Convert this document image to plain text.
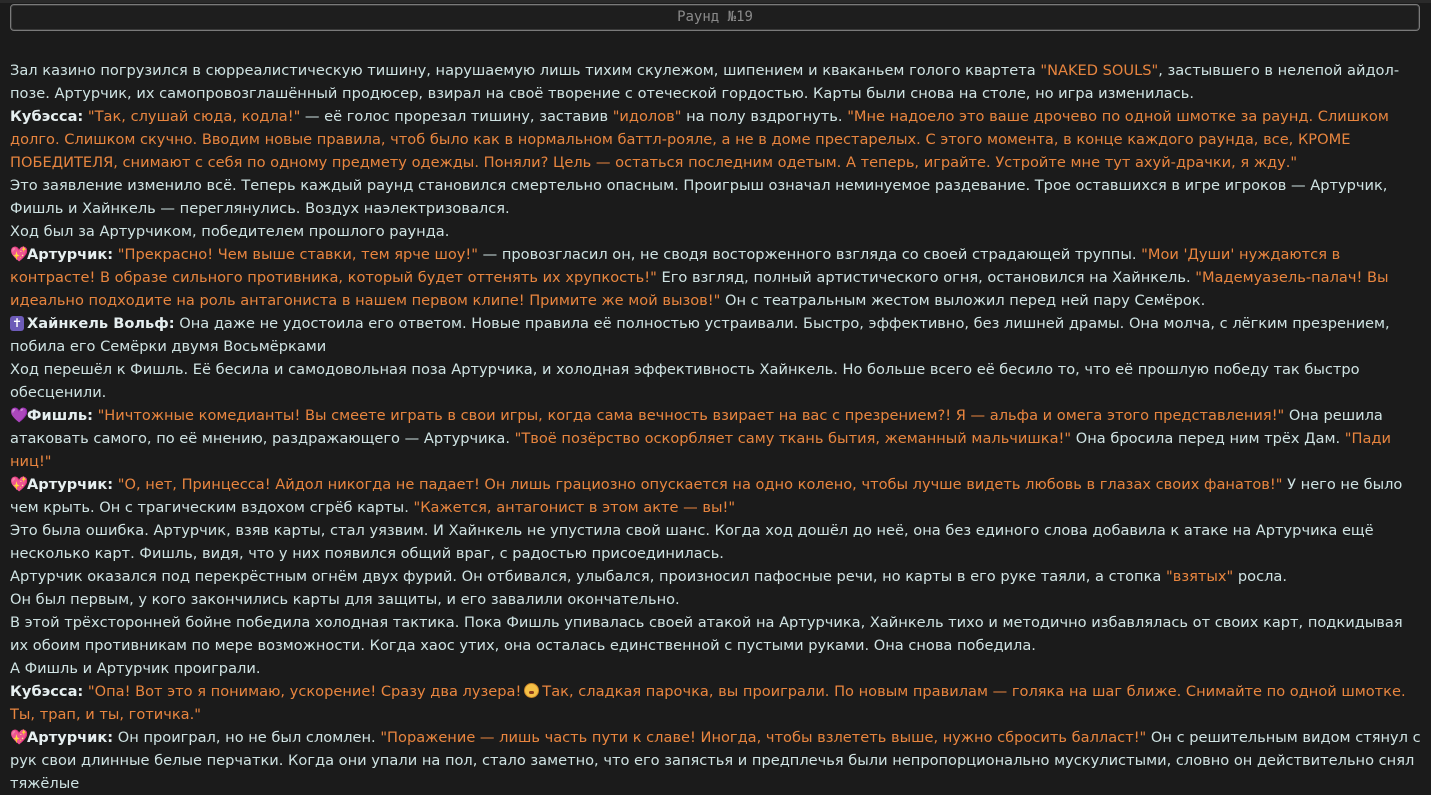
Раунд №19

Зал казино погрузился в сюрреалистическую тишину, нарушаемую лишь тихим скулежом, шипением и кваканьем голого квартета "NAKED SOULS", застывшего в нелепой айдол-позе. Артурчик, их самопровозглашённый продюсер, взирал на своё творение с отеческой гордостью. Карты были снова на столе, но игра изменилась.

Кубэсса: "Так, слушай сюда, кодла!" — её голос прорезал тишину, заставив "идолов" на полу вздрогнуть. "Мне надоело это ваше дрочево по одной шмотке за раунд. Слишком долго. Слишком скучно. Вводим новые правила, чтоб было как в нормальном баттл-рояле, а не в доме престарелых. С этого момента, в конце каждого раунда, все, КРОМЕ ПОБЕДИТЕЛЯ, снимают с себя по одному предмету одежды. Поняли? Цель — остаться последним одетым. А теперь, играйте. Устройте мне тут ахуй-драчки, я жду."

Это заявление изменило всё. Теперь каждый раунд становился смертельно опасным. Проигрыш означал неминуемое раздевание. Трое оставшихся в игре игроков — Артурчик, Фишль и Хайнкель — переглянулись. Воздух наэлектризовался.

Ход был за Артурчиком, победителем прошлого раунда.

💖Артурчик: "Прекрасно! Чем выше ставки, тем ярче шоу!" — провозгласил он, не сводя восторженного взгляда со своей страдающей труппы. "Мои 'Души' нуждаются в контрасте! В образе сильного противника, который будет оттенять их хрупкость!" Его взгляд, полный артистического огня, остановился на Хайнкель. "Мадемуазель-палач! Вы идеально подходите на роль антагониста в нашем первом клипе! Примите же мой вызов!" Он с театральным жестом выложил перед ней пару Семёрок.

✝ Хайнкель Вольф: Она даже не удостоила его ответом. Новые правила её полностью устраивали. Быстро, эффективно, без лишней драмы. Она молча, с лёгким презрением, побила его Семёрки двумя Восьмёрками

Ход перешёл к Фишль. Её бесила и самодовольная поза Артурчика, и холодная эффективность Хайнкель. Но больше всего её бесило то, что её прошлую победу так быстро обесценили.

💜Фишль: "Ничтожные комедианты! Вы смеете играть в свои игры, когда сама вечность взирает на вас с презрением?! Я — альфа и омега этого представления!" Она решила атаковать самого, по её мнению, раздражающего — Артурчика. "Твоё позёрство оскорбляет саму ткань бытия, жеманный мальчишка!" Она бросила перед ним трёх Дам. "Пади ниц!"

💖Артурчик: "О, нет, Принцесса! Айдол никогда не падает! Он лишь грациозно опускается на одно колено, чтобы лучше видеть любовь в глазах своих фанатов!" У него не было чем крыть. Он с трагическим вздохом сгрёб карты. "Кажется, антагонист в этом акте — вы!"

Это была ошибка. Артурчик, взяв карты, стал уязвим. И Хайнкель не упустила свой шанс. Когда ход дошёл до неё, она без единого слова добавила к атаке на Артурчика ещё несколько карт. Фишль, видя, что у них появился общий враг, с радостью присоединилась.

Артурчик оказался под перекрёстным огнём двух фурий. Он отбивался, улыбался, произносил пафосные речи, но карты в его руке таяли, а стопка "взятых" росла.

Он был первым, у кого закончились карты для защиты, и его завалили окончательно.

В этой трёхсторонней бойне победила холодная тактика. Пока Фишль упивалась своей атакой на Артурчика, Хайнкель тихо и методично избавлялась от своих карт, подкидывая их обоим противникам по мере возможности. Когда хаос утих, она осталась единственной с пустыми руками. Она снова победила.

А Фишль и Артурчик проиграли.

Кубэсса: "Опа! Вот это я понимаю, ускорение! Сразу два лузера! Так, сладкая парочка, вы проиграли. По новым правилам — голяка на шаг ближе. Снимайте по одной шмотке. Ты, трап, и ты, готичка."

💖Артурчик: Он проиграл, но не был сломлен. "Поражение — лишь часть пути к славе! Иногда, чтобы взлететь выше, нужно сбросить балласт!" Он с решительным видом стянул с рук свои длинные белые перчатки. Когда они упали на пол, стало заметно, что его запястья и предплечья были непропорционально мускулистыми, словно он действительно снял тяжёлые
